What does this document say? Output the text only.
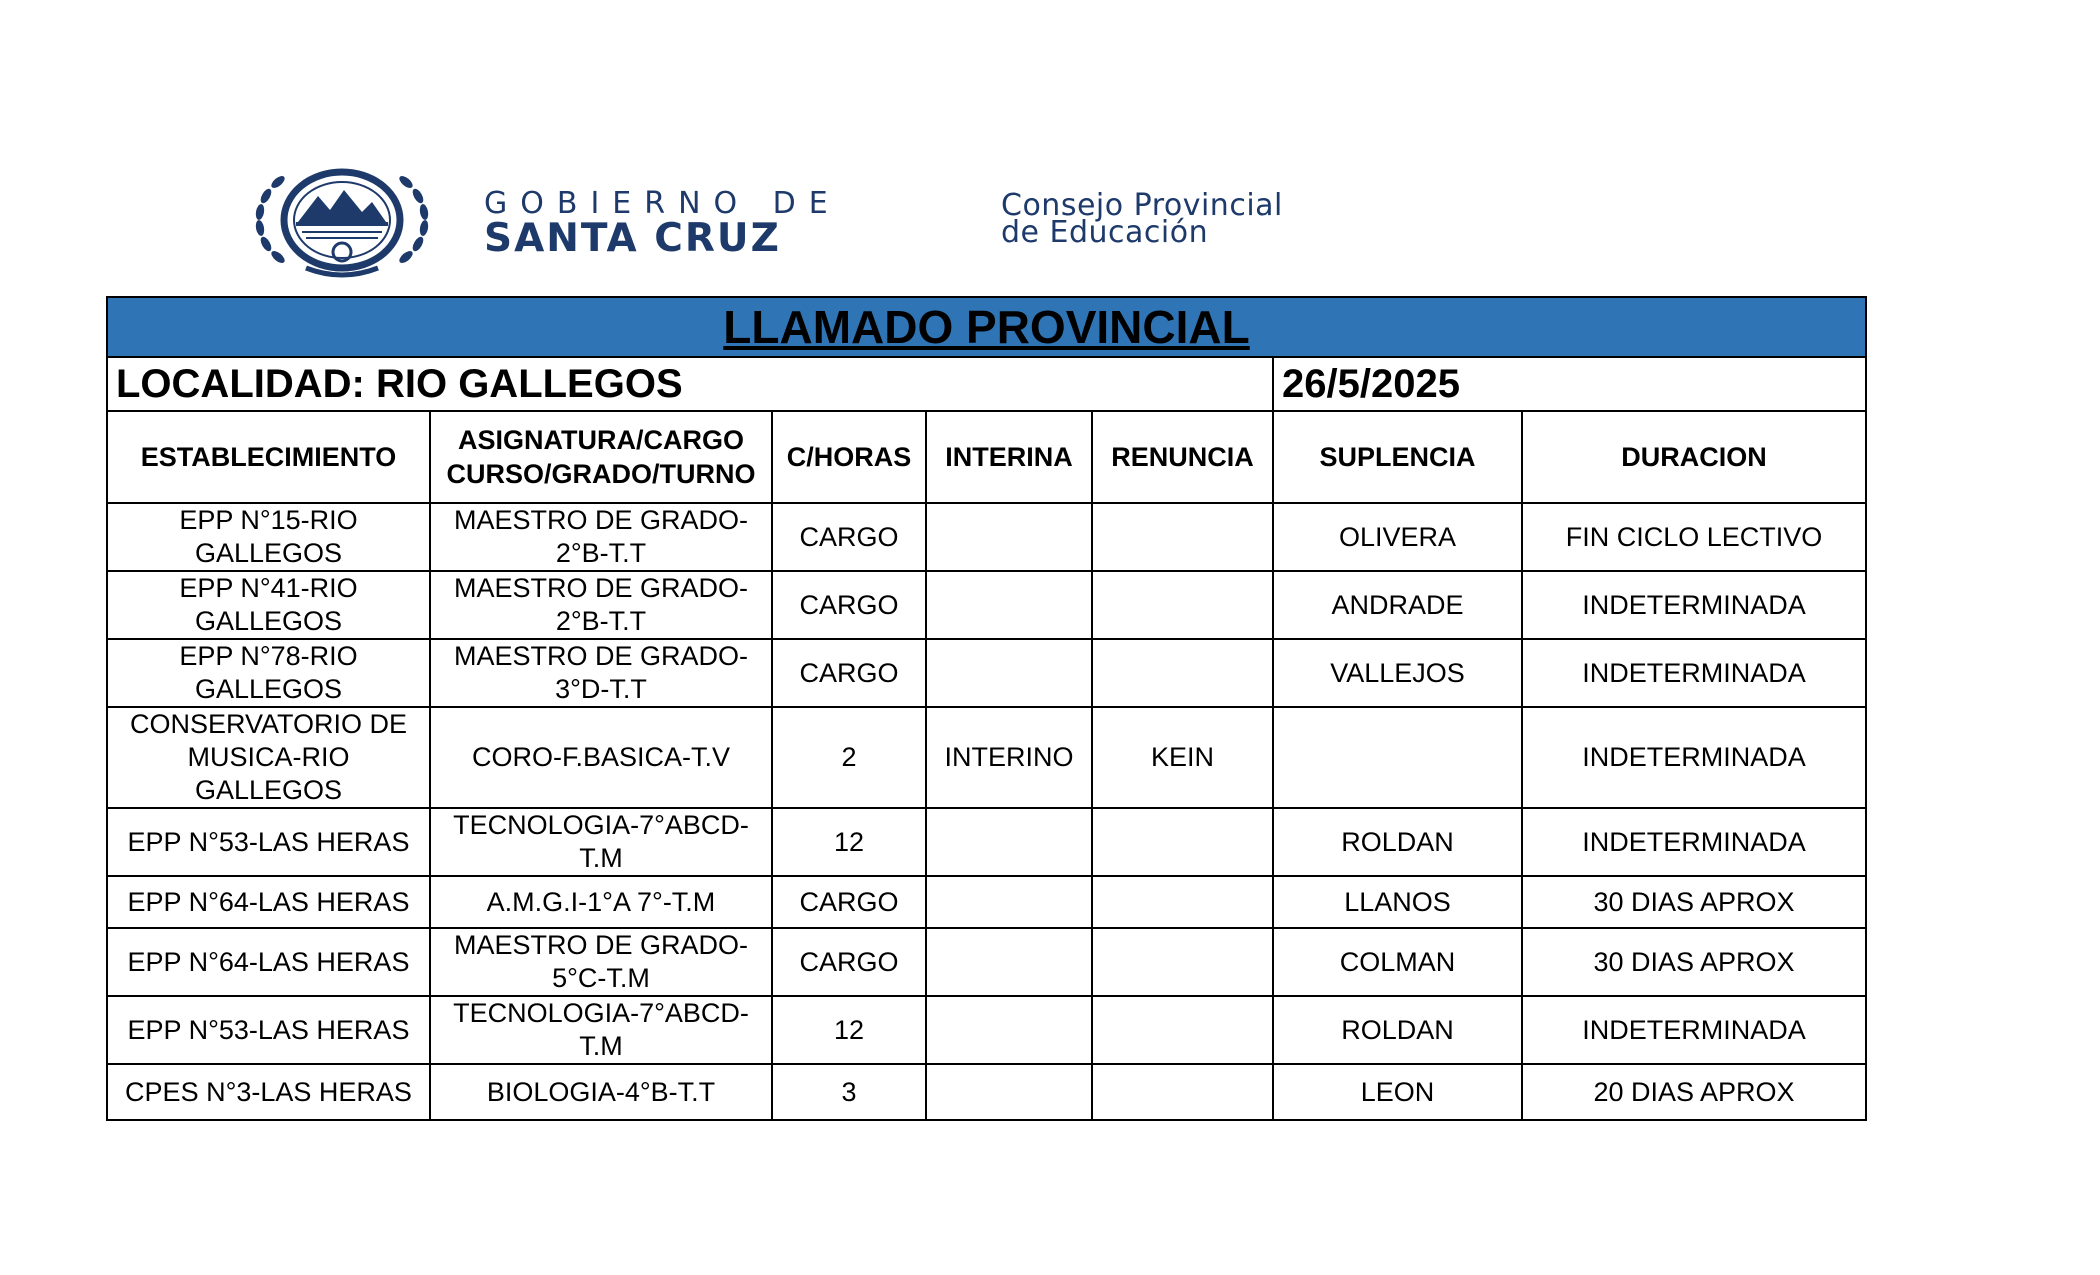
GOBIERNO DE
SANTA CRUZ
Consejo Provincial
de Educación
LLAMADO PROVINCIAL						
LOCALIDAD: RIO GALLEGOS					26/5/2025	
ESTABLECIMIENTO	ASIGNATURA/CARGO CURSO/GRADO/TURNO	C/HORAS	INTERINA	RENUNCIA	SUPLENCIA	DURACION
EPP N°15-RIO GALLEGOS	MAESTRO DE GRADO-2°B-T.T	CARGO			OLIVERA	FIN CICLO LECTIVO
EPP N°41-RIO GALLEGOS	MAESTRO DE GRADO-2°B-T.T	CARGO			ANDRADE	INDETERMINADA
EPP N°78-RIO GALLEGOS	MAESTRO DE GRADO-3°D-T.T	CARGO			VALLEJOS	INDETERMINADA
CONSERVATORIO DE MUSICA-RIO GALLEGOS	CORO-F.BASICA-T.V	2	INTERINO	KEIN		INDETERMINADA
EPP N°53-LAS HERAS	TECNOLOGIA-7°ABCD-T.M	12			ROLDAN	INDETERMINADA
EPP N°64-LAS HERAS	A.M.G.I-1°A 7°-T.M	CARGO			LLANOS	30 DIAS APROX
EPP N°64-LAS HERAS	MAESTRO DE GRADO-5°C-T.M	CARGO			COLMAN	30 DIAS APROX
EPP N°53-LAS HERAS	TECNOLOGIA-7°ABCD-T.M	12			ROLDAN	INDETERMINADA
CPES N°3-LAS HERAS	BIOLOGIA-4°B-T.T	3			LEON	20 DIAS APROX
